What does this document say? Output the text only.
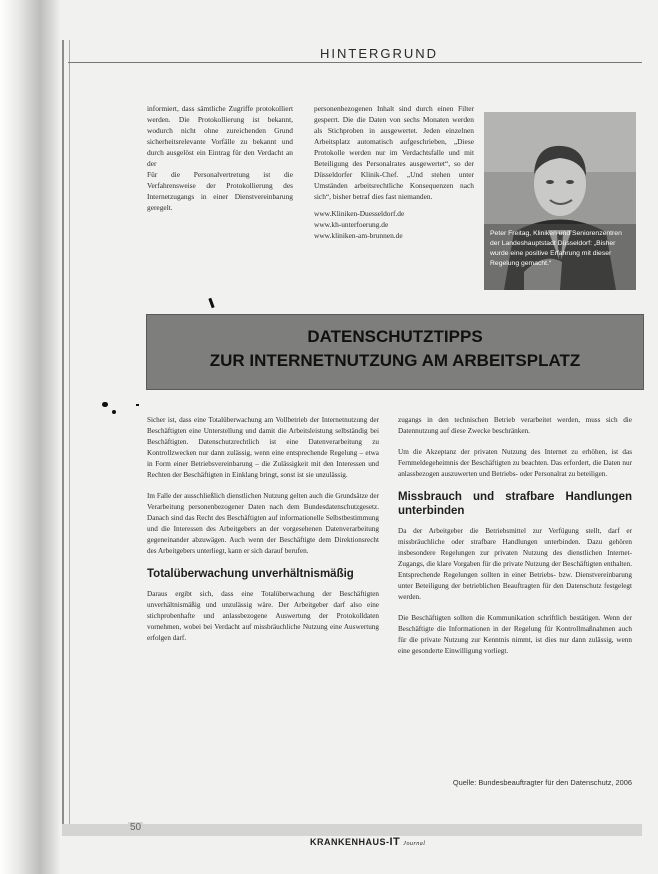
HINTERGRUND

informiert, dass sämtliche Zugriffe protokolliert werden. Die Protokollierung ist bekannt, wodurch nicht ohne zureichenden Grund sicherheitsrelevante Vorfälle zu bekannt und durch ausgelöst ein Eintrag für den Verdacht an der

Für die Personalvertretung ist die Verfahrensweise der Protokollierung des Internetzugangs in einer Dienstvereinbarung geregelt.

personenbezogenen Inhalt sind durch einen Filter gesperrt. Die die Daten von sechs Monaten werden als Stichproben in ausgewertet. Jeden einzelnen Arbeitsplatz automatisch aufgeschrieben, „Diese Protokolle werden nur im Verdachtsfalle und mit Beteiligung des Personalrates ausgewertet“, so der Düsseldorfer Klinik-Chef. „Und stehen unter Umständen arbeitsrechtliche Konsequenzen nach sich“, bisher betraf dies fast niemanden.

www.Kliniken-Duesseldorf.de

www.kh-unterfoerung.de

www.kliniken-am-brunnen.de	Peter Freitag, Kliniken und Seniorenzentren der Landeshauptstadt Düsseldorf: „Bisher wurde eine positive Erfahrung mit dieser Regelung gemacht.“
DATENSCHUTZTIPPS
ZUR INTERNETNUTZUNG AM ARBEITSPLATZ

Sicher ist, dass eine Totalüberwachung am Vollbetrieb der Internetnutzung der Beschäftigten eine Unterstellung und damit die Arbeitsleistung selbständig bei Beschäftigten. Datenschutzrechtlich ist eine Datenverarbeitung zu Kontrollzwecken nur dann zulässig, wenn eine entsprechende Regelung – etwa in Form einer Betriebsvereinbarung – die Zulässigkeit mit den Interessen und Rechten der Beschäftigten in Einklang bringt, sonst ist sie unzulässig.

Im Falle der ausschließlich dienstlichen Nutzung gelten auch die Grundsätze der Verarbeitung personenbezogener Daten nach dem Bundesdatenschutzgesetz. Danach sind das Recht des Beschäftigten auf informationelle Selbstbestimmung und die Interessen des Arbeitgebers an der vorgesehenen Datenverarbeitung gegeneinander abzuwägen. Auch wenn der Beschäftigte dem Direktionsrecht des Arbeitgebers unterliegt, kann er sich darauf berufen.

Totalüberwachung unverhältnismäßig

Daraus ergibt sich, dass eine Totalüberwachung der Beschäftigten unverhältnismäßig und unzulässig wäre. Der Arbeitgeber darf also eine stichprobenhafte und anlassbezogene Auswertung der Protokolldaten vornehmen, wobei bei Verdacht auf missbräuchliche Nutzung eine Auswertung erfolgen darf.

zugangs in den technischen Betrieb verarbeitet werden, muss sich die Datennutzung auf diese Zwecke beschränken.

Um die Akzeptanz der privaten Nutzung des Internet zu erhöhen, ist das Fernmeldegeheimnis der Beschäftigten zu beachten. Das erfordert, die Daten nur anlassbezogen auszuwerten und Betriebs- oder Personalrat zu beteiligen.

Missbrauch und strafbare Handlungen unterbinden

Da der Arbeitgeber die Betriebsmittel zur Verfügung stellt, darf er missbräuchliche oder strafbare Handlungen unterbinden. Dazu gehören insbesondere Regelungen zur privaten Nutzung des dienstlichen Internet-Zugangs, die klare Vorgaben für die private Nutzung der Beschäftigten enthalten. Entsprechende Regelungen sollten in einer Betriebs- bzw. Dienstvereinbarung unter Beteiligung der betrieblichen Beauftragten für den Datenschutz festgelegt werden.

Die Beschäftigten sollten die Kommunikation schriftlich bestätigen. Wenn der Beschäftigte die Informationen in der Regelung für Kontrollmaßnahmen auch für die private Nutzung zur Kenntnis nimmt, ist dies nur dann zulässig, wenn eine gesonderte Einwilligung vorliegt.

Quelle: Bundesbeauftragter für den Datenschutz, 2006
50
KRANKENHAUS-IT Journal
